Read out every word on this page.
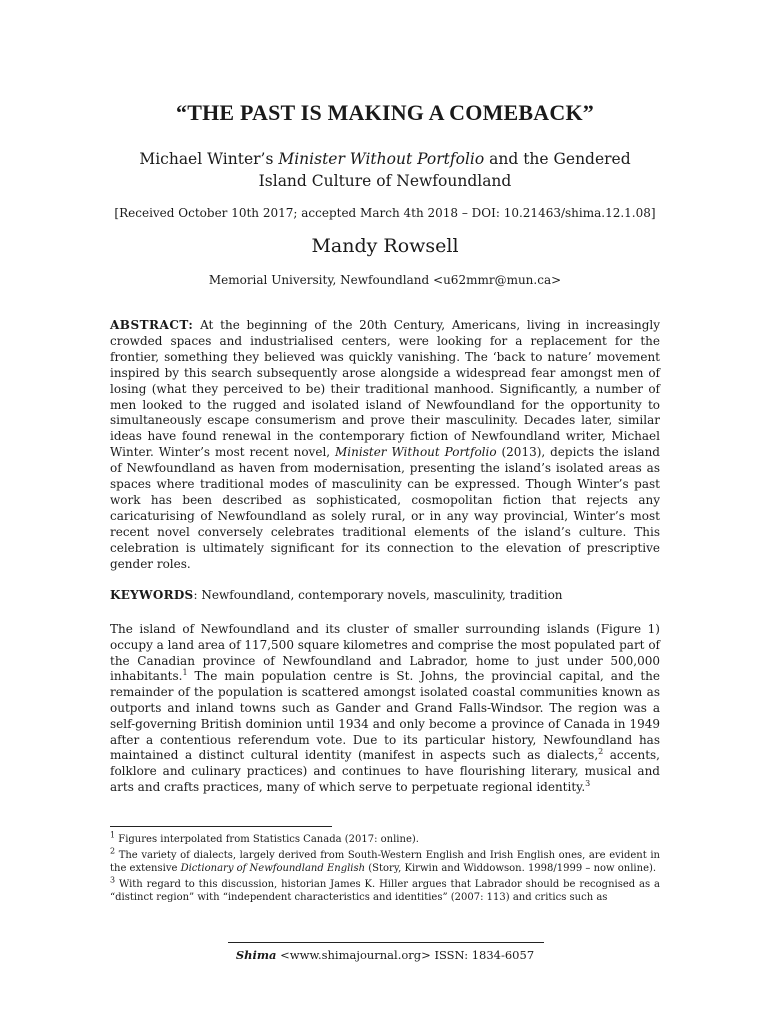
“THE PAST IS MAKING A COMEBACK”
Michael Winter’s Minister Without Portfolio and the Gendered
Island Culture of Newfoundland
[Received October 10th 2017; accepted March 4th 2018 – DOI: 10.21463/shima.12.1.08]
Mandy Rowsell
Memorial University, Newfoundland <u62mmr@mun.ca>
ABSTRACT: At the beginning of the 20th Century, Americans, living in increasingly crowded spaces and industrialised centers, were looking for a replacement for the frontier, something they believed was quickly vanishing. The ‘back to nature’ movement inspired by this search subsequently arose alongside a widespread fear amongst men of losing (what they perceived to be) their traditional manhood. Significantly, a number of men looked to the rugged and isolated island of Newfoundland for the opportunity to simultaneously escape consumerism and prove their masculinity. Decades later, similar ideas have found renewal in the contemporary fiction of Newfoundland writer, Michael Winter. Winter’s most recent novel, Minister Without Portfolio (2013), depicts the island of Newfoundland as haven from modernisation, presenting the island’s isolated areas as spaces where traditional modes of masculinity can be expressed. Though Winter’s past work has been described as sophisticated, cosmopolitan fiction that rejects any caricaturising of Newfoundland as solely rural, or in any way provincial, Winter’s most recent novel conversely celebrates traditional elements of the island’s culture. This celebration is ultimately significant for its connection to the elevation of prescriptive gender roles.
KEYWORDS: Newfoundland, contemporary novels, masculinity, tradition
The island of Newfoundland and its cluster of smaller surrounding islands (Figure 1) occupy a land area of 117,500 square kilometres and comprise the most populated part of the Canadian province of Newfoundland and Labrador, home to just under 500,000 inhabitants.$^1$ The main population centre is St. Johns, the provincial capital, and the remainder of the population is scattered amongst isolated coastal communities known as outports and inland towns such as Gander and Grand Falls-Windsor. The region was a self-governing British dominion until 1934 and only become a province of Canada in 1949 after a contentious referendum vote. Due to its particular history, Newfoundland has maintained a distinct cultural identity (manifest in aspects such as dialects,$^2$ accents, folklore and culinary practices) and continues to have flourishing literary, musical and arts and crafts practices, many of which serve to perpetuate regional identity.$^3$
$^1$ Figures interpolated from Statistics Canada (2017: online).
$^2$ The variety of dialects, largely derived from South-Western English and Irish English ones, are evident in the extensive Dictionary of Newfoundland English (Story, Kirwin and Widdowson. 1998/1999 – now online).
$^3$ With regard to this discussion, historian James K. Hiller argues that Labrador should be recognised as a “distinct region” with “independent characteristics and identities” (2007: 113) and critics such as
Shima <www.shimajournal.org> ISSN: 1834-6057
